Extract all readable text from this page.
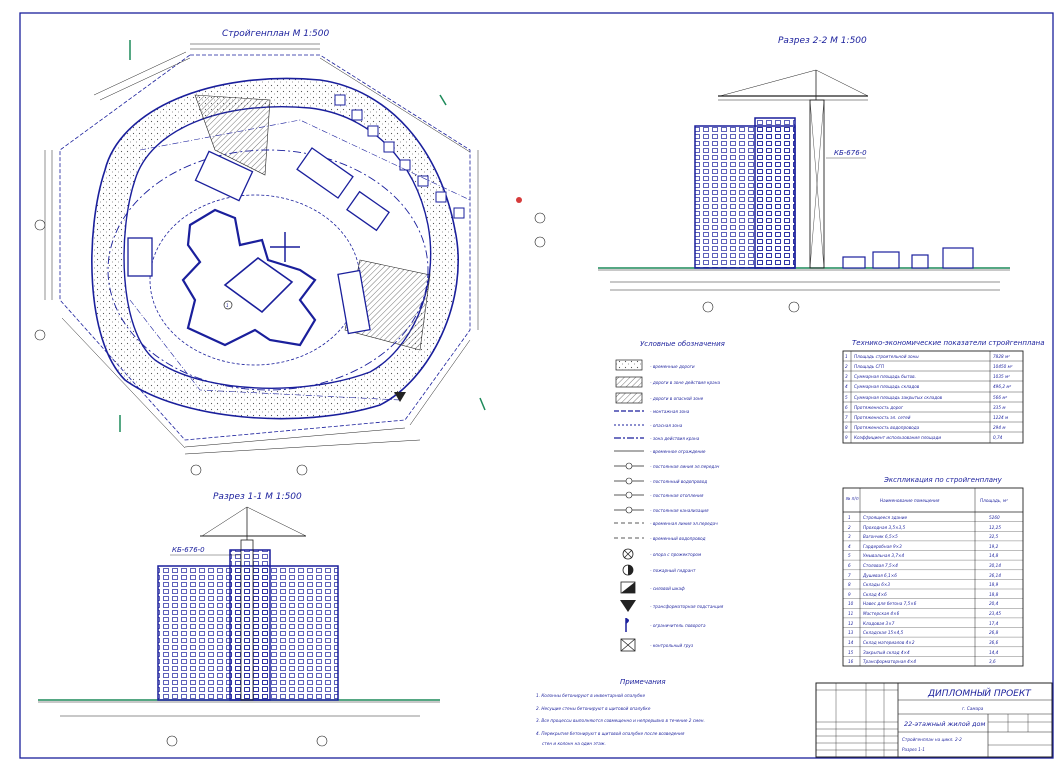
Стройгенплан М 1:500
1
Разрез 2-2 М 1:500
КБ-676-0
Разрез 1-1 М 1:500
КБ-676-0
Условные обозначения
- временные дороги
- дороги в зоне действия крана
- дороги в опасной зоне
- монтажная зона
- опасная зона
- зона действия крана
- временное ограждение
- постоянная линия эл.передач
- постоянный водопровод
- постоянная отопления
- постоянная канализация
- временная линия эл.передач
- временный водопровод
- опора с прожектором
- пожарный гидрант
- силовой шкаф
- трансформаторная подстанция
- ограничитель поворота
- контрольный груз
Технико-экономические показатели стройгенплана
1 Площадь строительной зоны	7828 м²
2 Площадь СГП	10450 м²
3 Суммарная площадь бытов.	1035 м²
4 Суммарная площадь складов	496,2 м²
5 Суммарная площадь закрытых складов	566 м²
6 Протяженность дорог	335 м
7 Протяженность эл. сетей	1224 м
8 Протяженность водопровода	294 м
9 Коэффициент использования площади	0,74
Экспликация по стройгенплану
№ п/п	Наименование помещения	Площадь, м²
1	Строящееся здание	5260
2	Проходная 3,5×3,5	12,25
3	Вагончик 6,5×5	32,5
4	Гардеробная 9×3	19,2
5	Умывальная 3,7×4	14,8
6	Столовая 7,5×4	30,14
7	Душевая 6,1×6	36,14
8	Склады 6×3	18,9
9	Склад 4×6	18,8
10 Навес для бетона 7,5×6	20,4
11 Мастерская 4×6	23,45
12 Кладовая 3×7	17,4
13 Складская 15×4,5	26,8
14 Склад материалов 4×2	36,6
15 Закрытый склад 4×4	14,4
16 Трансформаторная 4×4	3,6
Примечания
1. Колонны бетонируют в инвентарной опалубке
2. Несущие стены бетонируют в щитовой опалубке
3. Все процессы выполняются совмещенно и непрерывно в течение 2 смен.
4. Перекрытия бетонируют в щитовой опалубке после возведения
стен и колонн на один этаж.
ДИПЛОМНЫЙ ПРОЕКТ
г. Самара
22-этажный жилой дом
Стройгенплан на цикл. 2-2
Разрез 1-1
